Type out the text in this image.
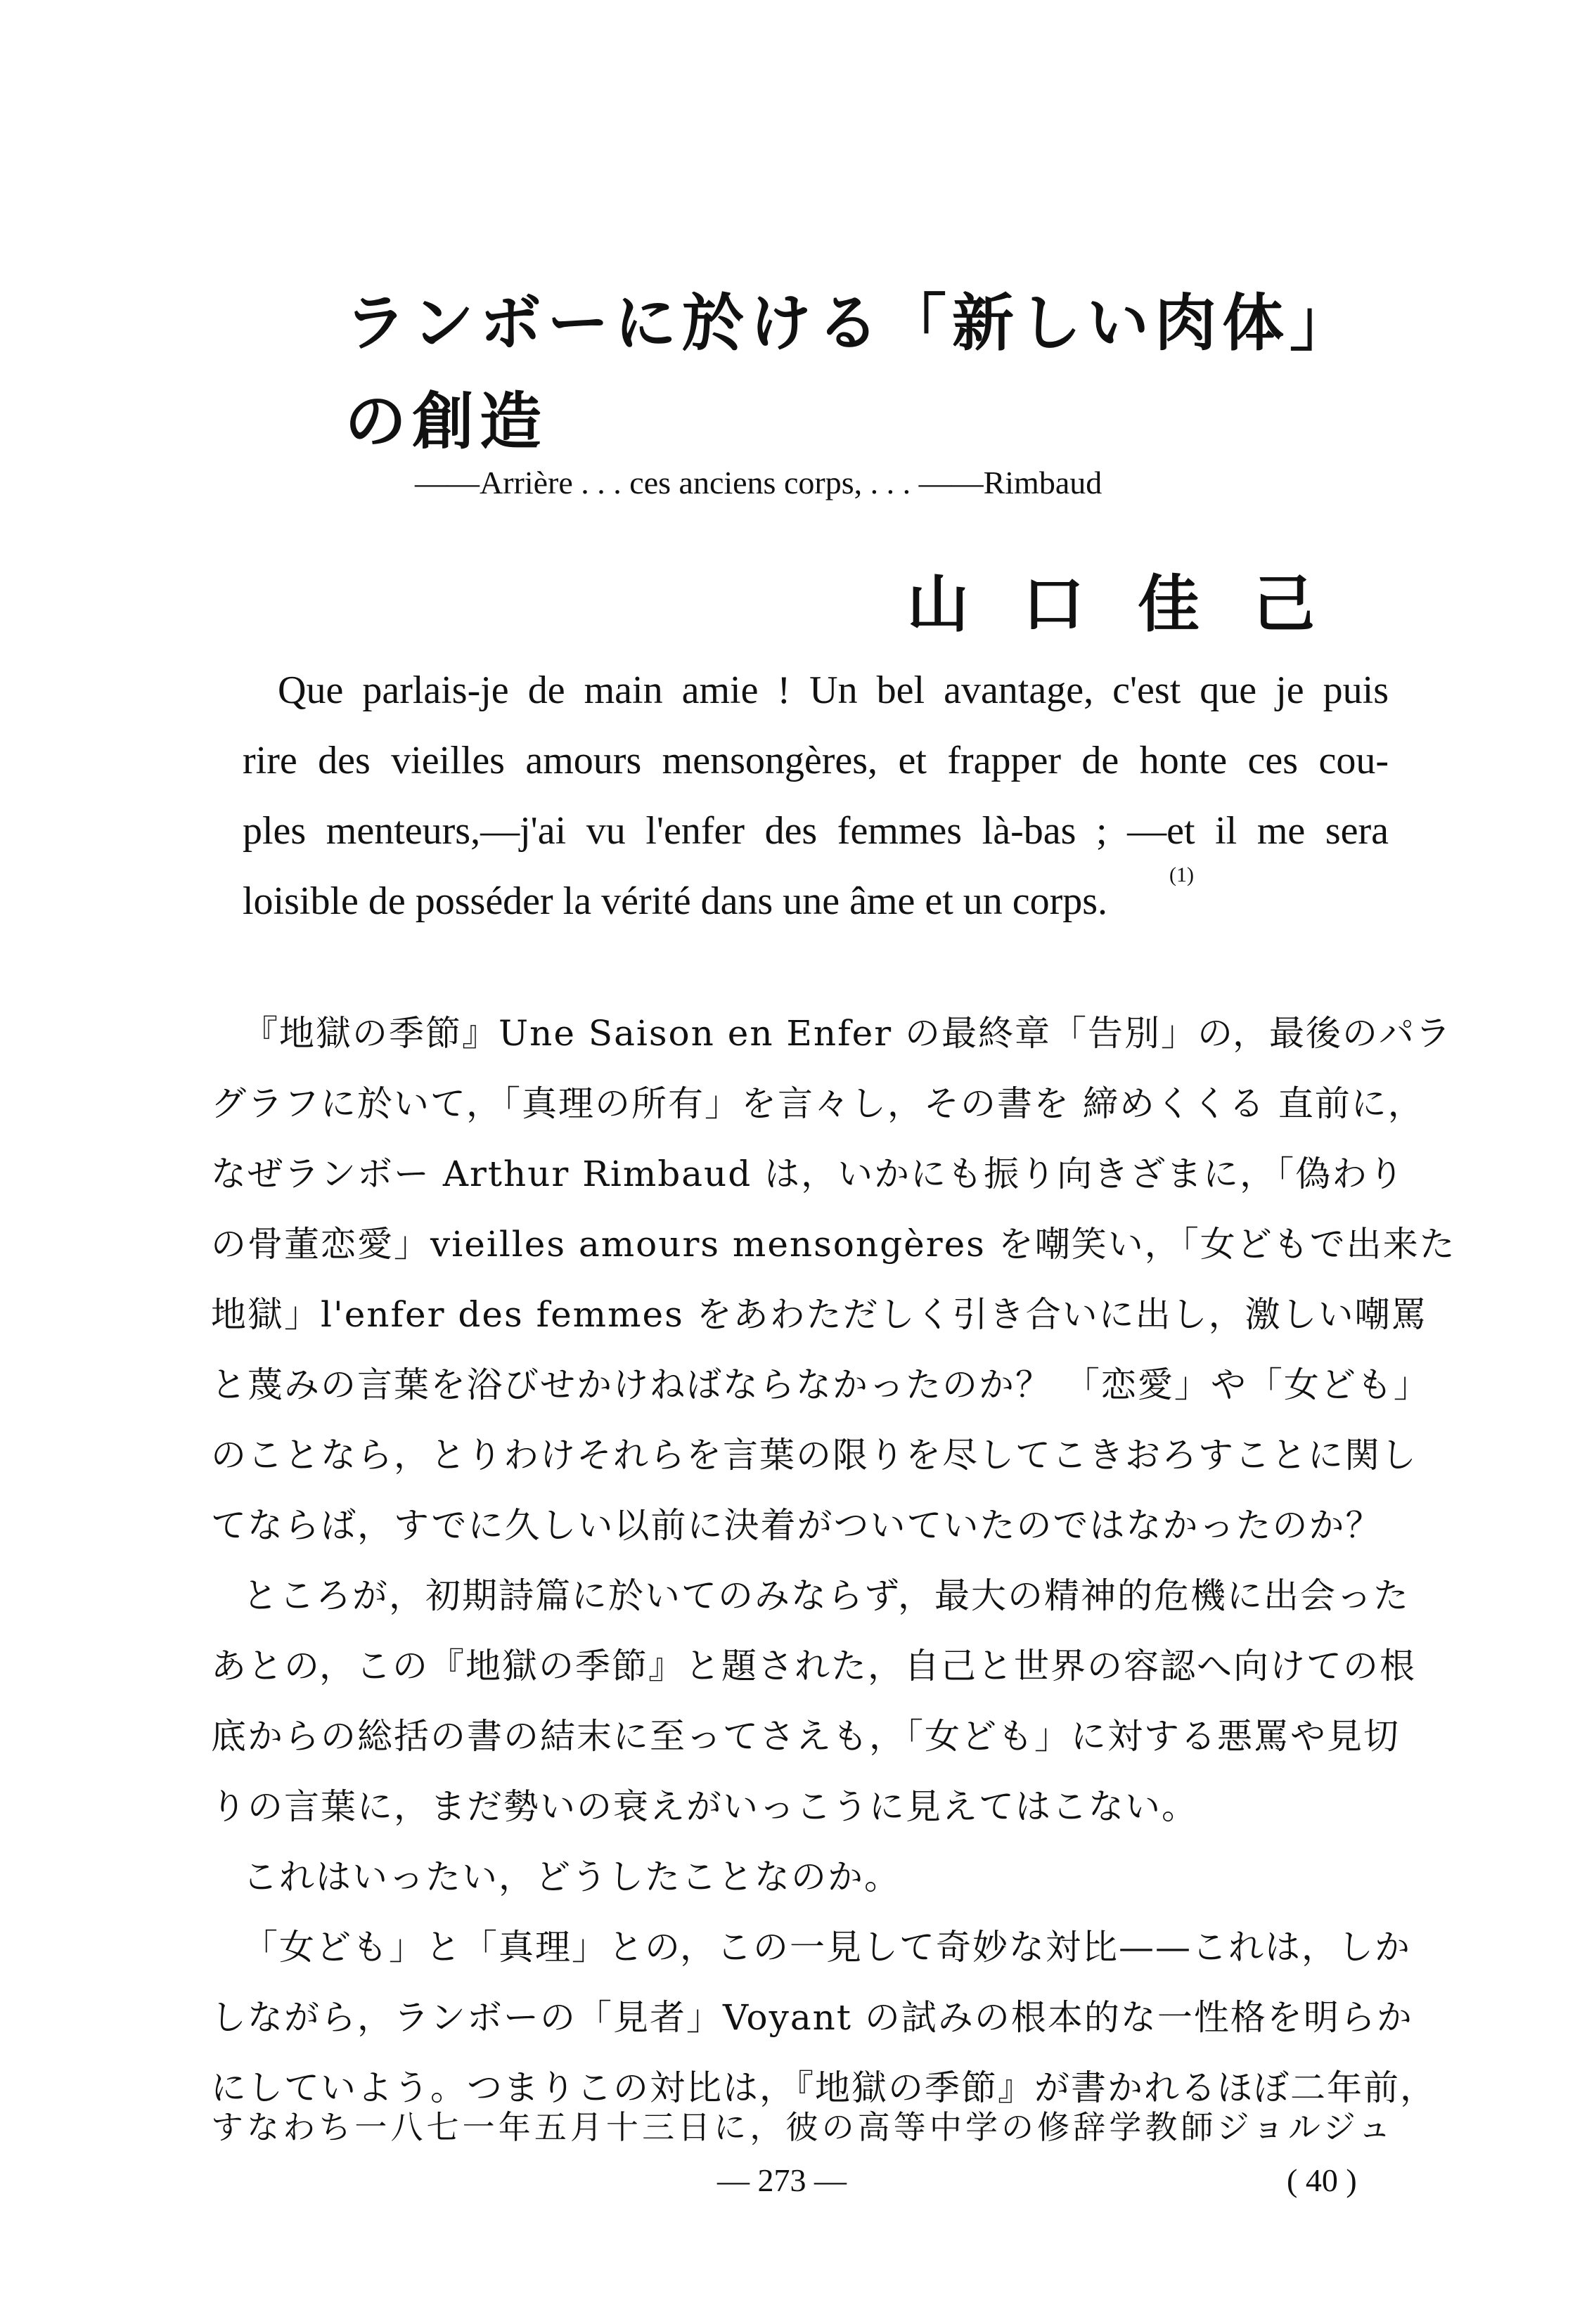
ランボーに於ける「新しい肉体」
の創造
——Arrière . . . ces anciens corps, . . . ——Rimbaud
山 口 佳 己
Que parlais-je de main amie ! Un bel avantage, c'est que je puis
rire des vieilles amours mensongères, et frapper de honte ces cou-
ples menteurs,—j'ai vu l'enfer des femmes là-bas ; —et il me sera
(1)
loisible de posséder la vérité dans une âme et un corps.
『地獄の季節』Une Saison en Enfer の最終章「告別」の，最後のパラ
グラフに於いて，「真理の所有」を言々し，その書を 締めくくる 直前に，
なぜランボー Arthur Rimbaud は，いかにも振り向きざまに，「偽わり
の骨董恋愛」vieilles amours mensongères を嘲笑い，「女どもで出来た
地獄」l'enfer des femmes をあわただしく引き合いに出し，激しい嘲罵
と蔑みの言葉を浴びせかけねばならなかったのか？ 「恋愛」や「女ども」
のことなら，とりわけそれらを言葉の限りを尽してこきおろすことに関し
てならば，すでに久しい以前に決着がついていたのではなかったのか？
ところが，初期詩篇に於いてのみならず，最大の精神的危機に出会った
あとの，この『地獄の季節』と題された，自己と世界の容認へ向けての根
底からの総括の書の結末に至ってさえも，「女ども」に対する悪罵や見切
りの言葉に，まだ勢いの衰えがいっこうに見えてはこない。
これはいったい，どうしたことなのか。
「女ども」と「真理」との，この一見して奇妙な対比——これは，しか
しながら，ランボーの「見者」Voyant の試みの根本的な一性格を明らか
にしていよう。つまりこの対比は，『地獄の季節』が書かれるほぼ二年前，
すなわち一八七一年五月十三日に，彼の高等中学の修辞学教師ジョルジュ
— 273 —	( 40 )
